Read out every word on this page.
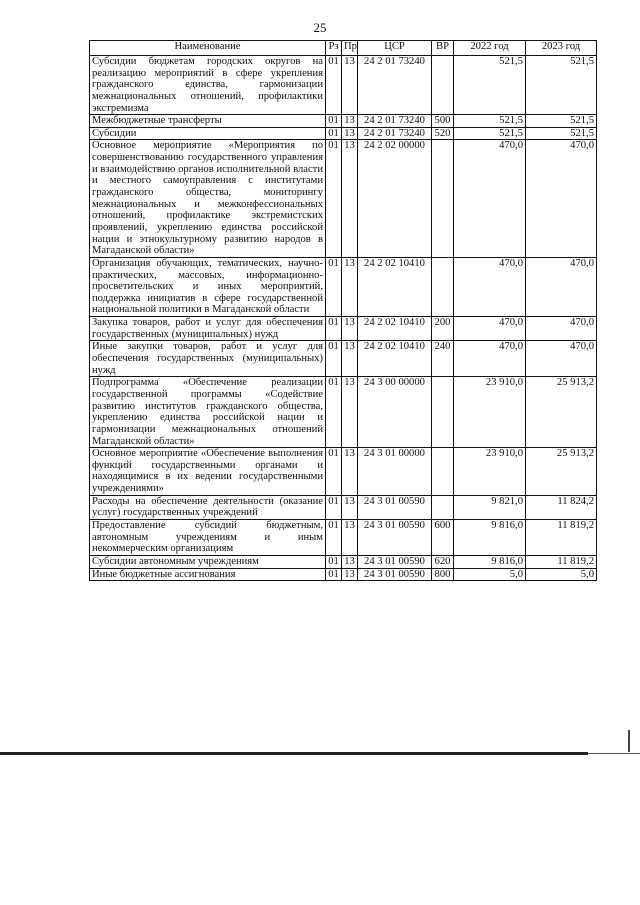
25
Наименование	Рз	Пр	ЦСР	ВР	2022 год	2023 год
Субсидии бюджетам городских округов на реализацию мероприятий в сфере укрепления гражданского единства, гармонизации межнациональных отношений, профилактики экстремизма	01	13	24 2 01 73240		521,5	521,5
Межбюджетные трансферты	01	13	24 2 01 73240	500	521,5	521,5
Субсидии	01	13	24 2 01 73240	520	521,5	521,5
Основное мероприятие «Мероприятия по совершенствованию государственного управления и взаимодействию органов исполнительной власти и местного самоуправления с институтами гражданского общества, мониторингу межнациональных и межконфессиональных отношений, профилактике экстремистских проявлений, укреплению единства российской нации и этнокультурному развитию народов в Магаданской области»	01	13	24 2 02 00000		470,0	470,0
Организация обучающих, тематических, научно-практических, массовых, информационно-просветительских и иных мероприятий, поддержка инициатив в сфере государственной национальной политики в Магаданской области	01	13	24 2 02 10410		470,0	470,0
Закупка товаров, работ и услуг для обеспечения государственных (муниципальных) нужд	01	13	24 2 02 10410	200	470,0	470,0
Иные закупки товаров, работ и услуг для обеспечения государственных (муниципальных) нужд	01	13	24 2 02 10410	240	470,0	470,0
Подпрограмма «Обеспечение реализации государственной программы «Содействие развитию институтов гражданского общества, укреплению единства российской нации и гармонизации межнациональных отношений Магаданской области»	01	13	24 3 00 00000		23 910,0	25 913,2
Основное мероприятие «Обеспечение выполнения функций государственными органами и находящимися в их ведении государственными учреждениями»	01	13	24 3 01 00000		23 910,0	25 913,2
Расходы на обеспечение деятельности (оказание услуг) государственных учреждений	01	13	24 3 01 00590		9 821,0	11 824,2
Предоставление субсидий бюджетным, автономным учреждениям и иным некоммерческим организациям	01	13	24 3 01 00590	600	9 816,0	11 819,2
Субсидии автономным учреждениям	01	13	24 3 01 00590	620	9 816,0	11 819,2
Иные бюджетные ассигнования	01	13	24 3 01 00590	800	5,0	5,0
